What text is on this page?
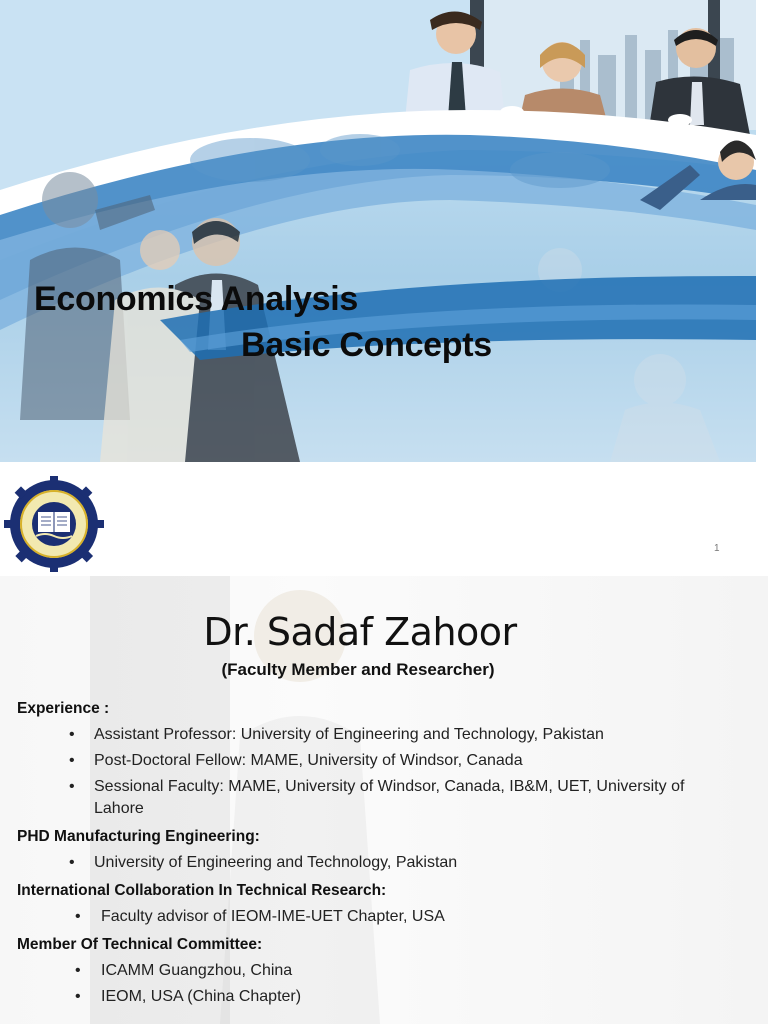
Economics Analysis
Basic Concepts
1
Dr. Sadaf Zahoor
(Faculty Member and Researcher)
Experience :
•	Assistant Professor: University of Engineering and Technology, Pakistan
•	Post-Doctoral Fellow: MAME, University of Windsor, Canada
•	Sessional Faculty: MAME, University of Windsor, Canada, IB&M, UET, University of Lahore
PHD Manufacturing Engineering:
•	University of Engineering and Technology, Pakistan
International Collaboration In Technical Research:
•	Faculty advisor of IEOM-IME-UET Chapter, USA
Member Of Technical Committee:
•	ICAMM Guangzhou, China
•	IEOM, USA (China Chapter)
